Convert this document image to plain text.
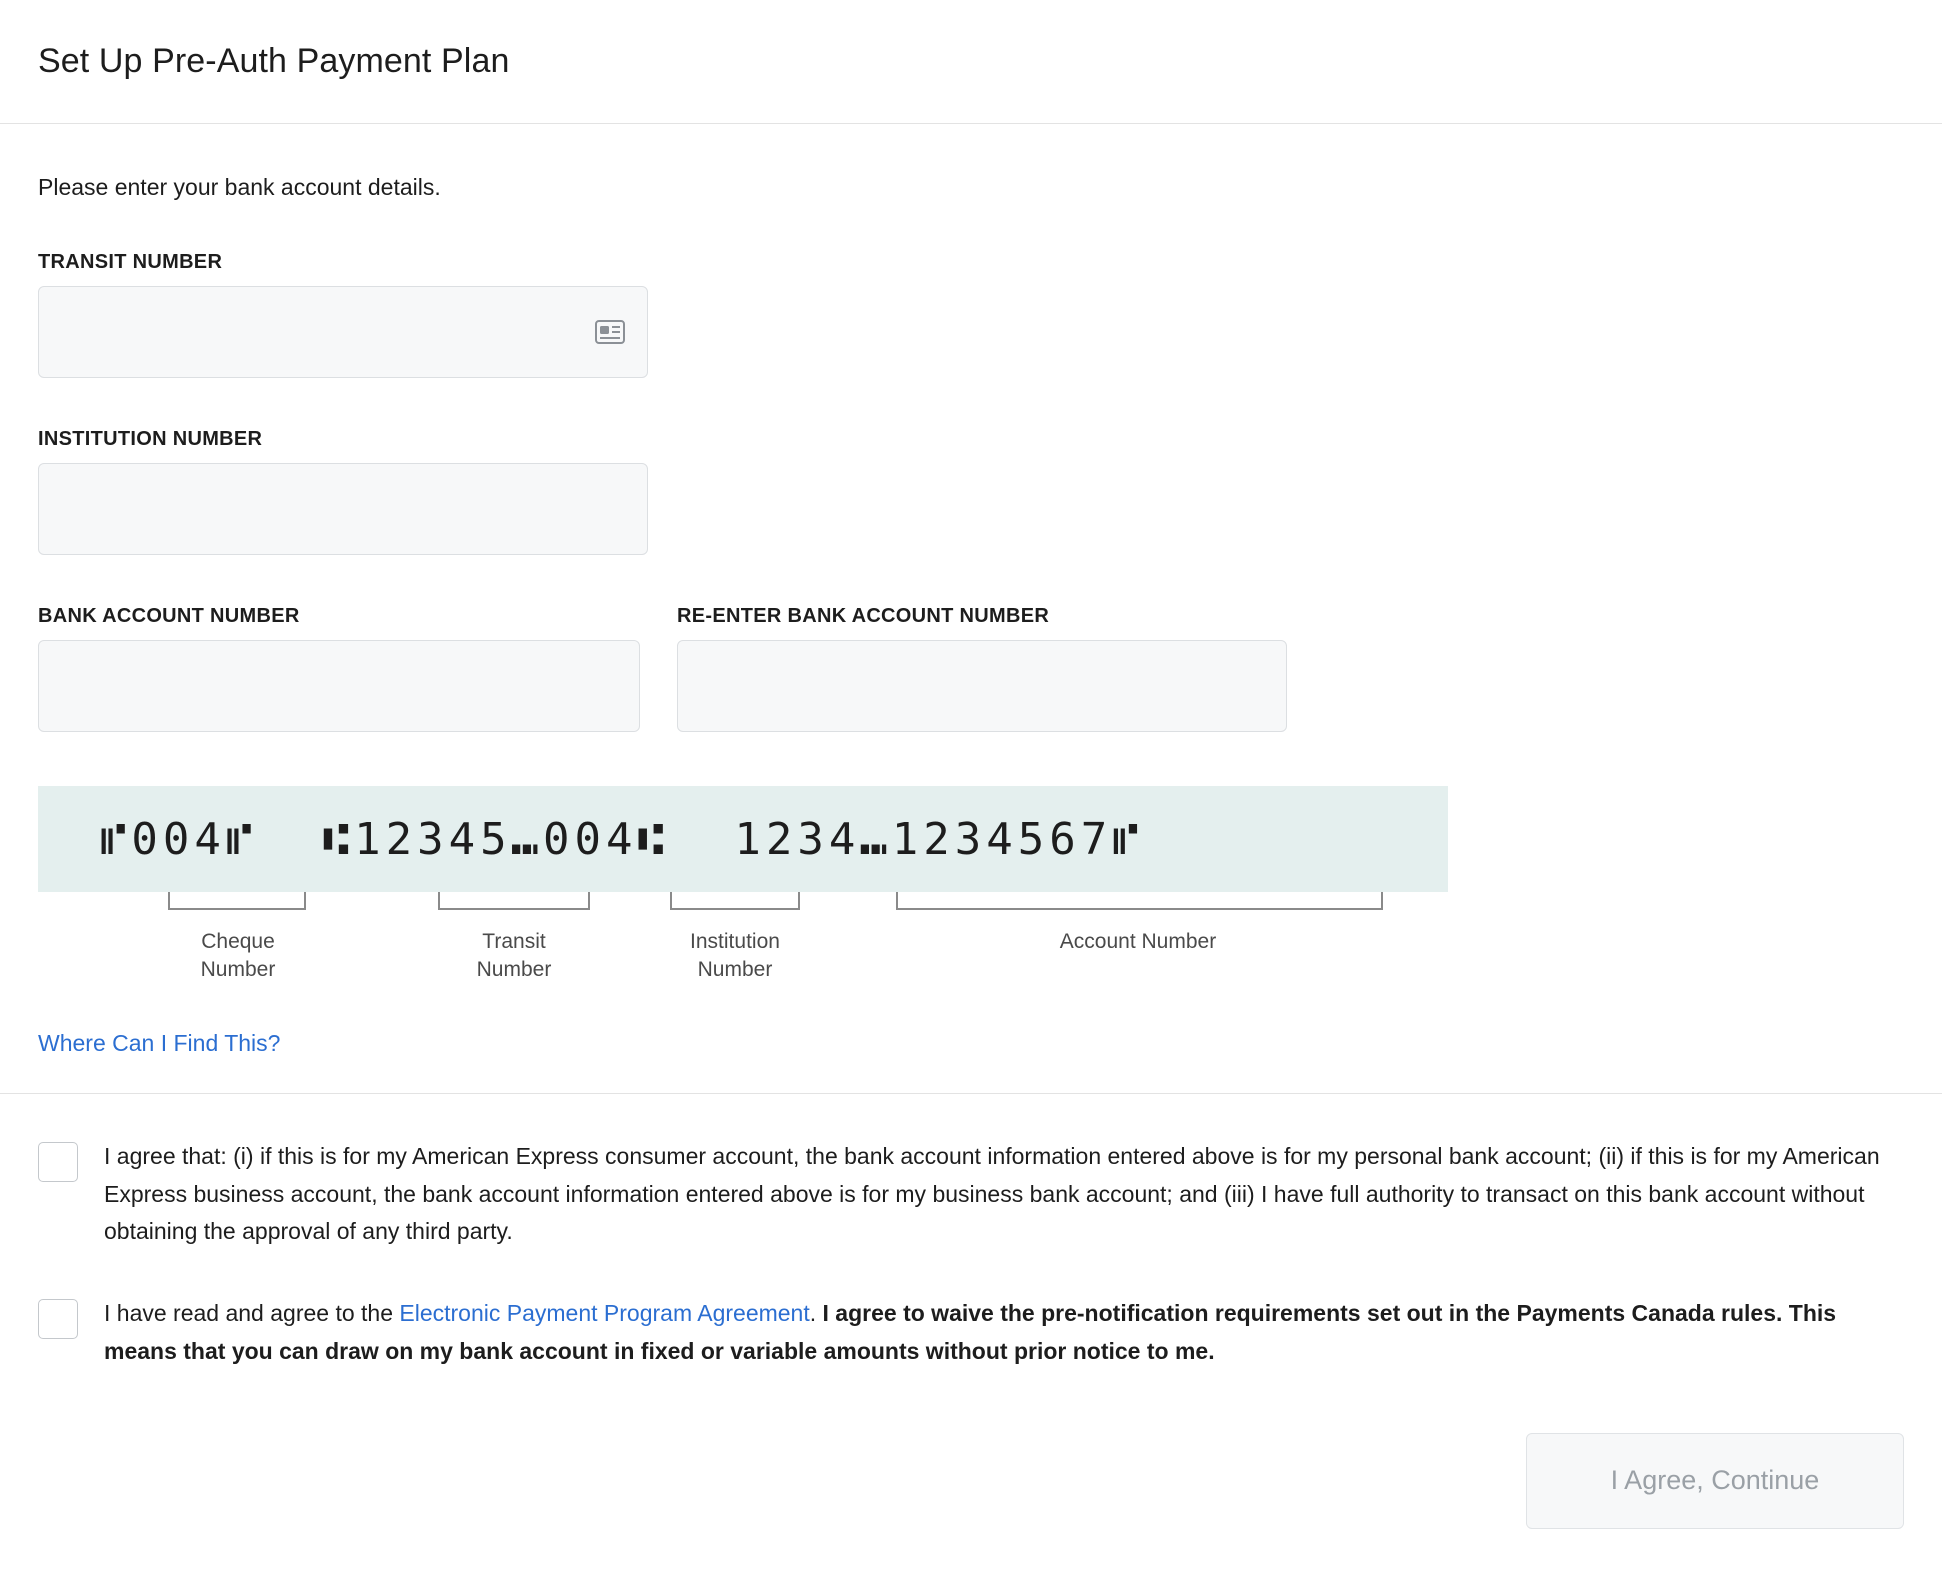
Set Up Pre-Auth Payment Plan
Please enter your bank account details.
TRANSIT NUMBER
INSTITUTION NUMBER
BANK ACCOUNT NUMBER	RE-ENTER BANK ACCOUNT NUMBER
⑈004⑈ ⑆12345⑉004⑆ 1234⑉1234567⑈
Cheque
Number
Transit
Number
Institution
Number
Account Number
Where Can I Find This?
I agree that: (i) if this is for my American Express consumer account, the bank account information entered above is for my personal bank account; (ii) if this is for my American Express business account, the bank account information entered above is for my business bank account; and (iii) I have full authority to transact on this bank account without obtaining the approval of any third party.
I have read and agree to the Electronic Payment Program Agreement. I agree to waive the pre-notification requirements set out in the Payments Canada rules. This means that you can draw on my bank account in fixed or variable amounts without prior notice to me.
I Agree, Continue
